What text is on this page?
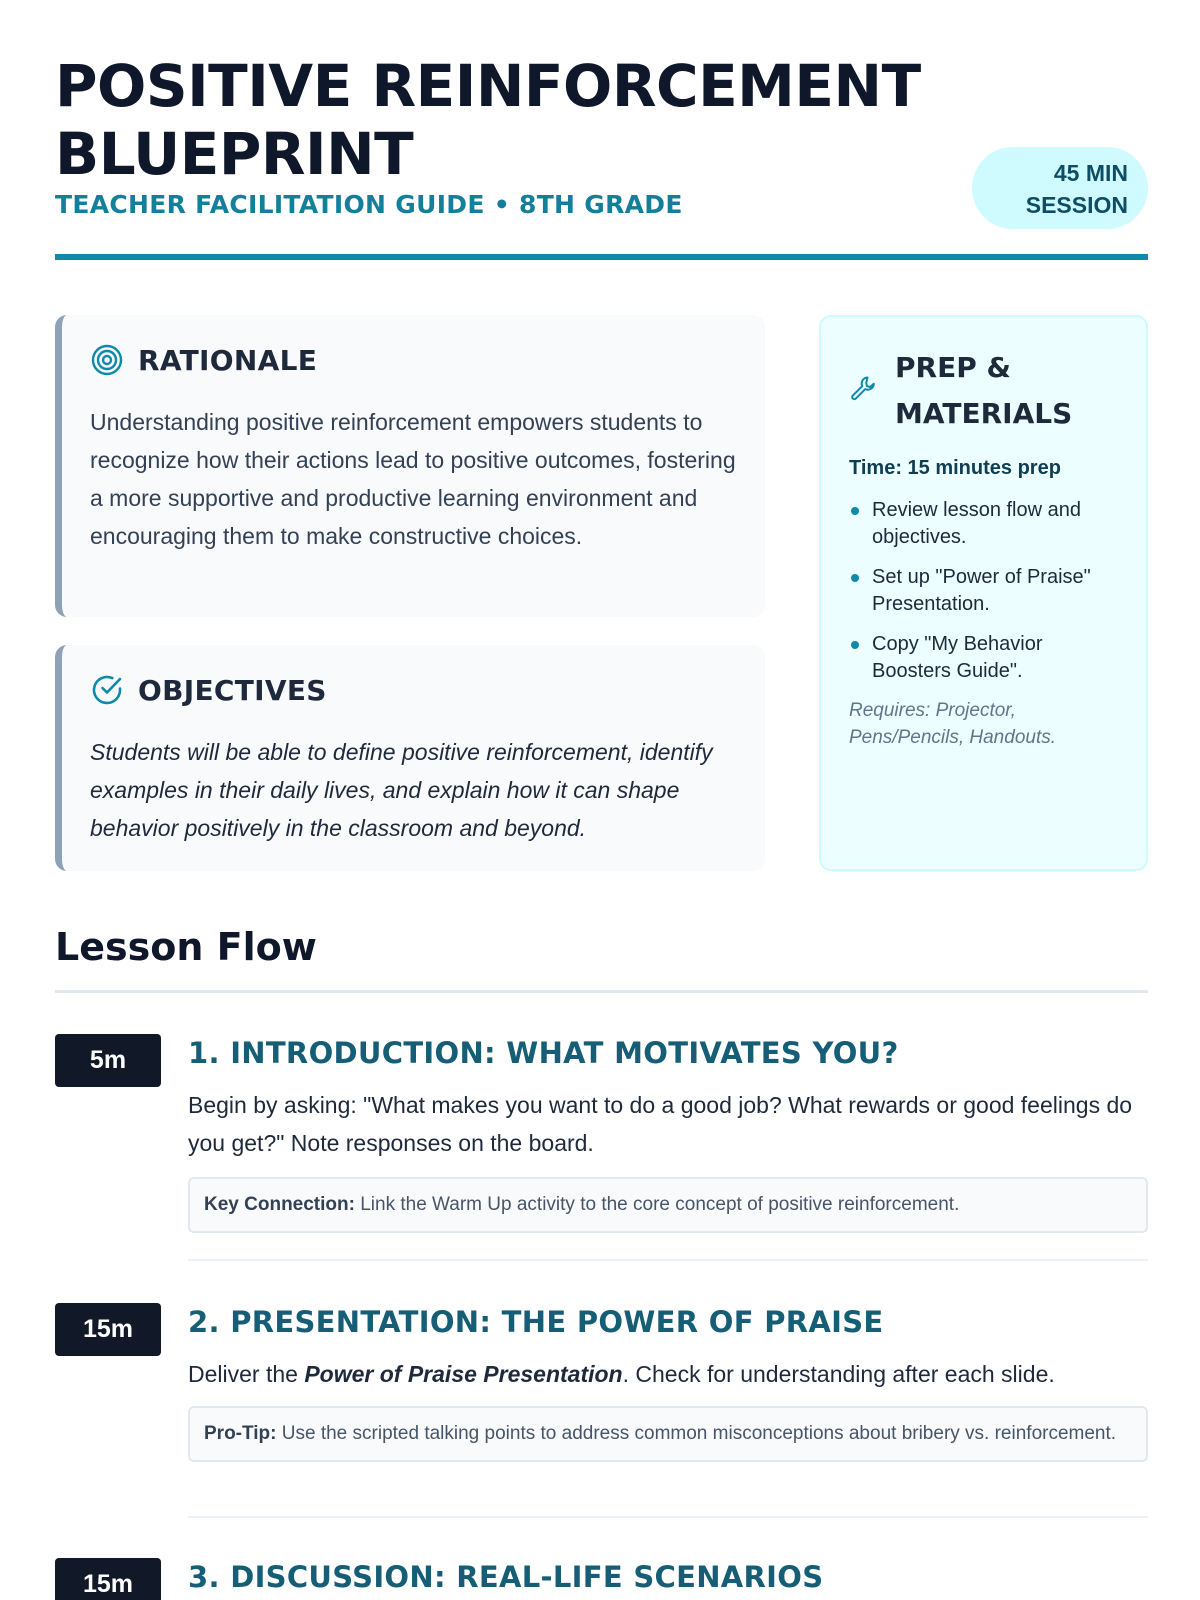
POSITIVE REINFORCEMENT BLUEPRINT
TEACHER FACILITATION GUIDE • 8TH GRADE
45 MIN
SESSION
RATIONALE

Understanding positive reinforcement empowers students to recognize how their actions lead to positive outcomes, fostering a more supportive and productive learning environment and encouraging them to make constructive choices.

OBJECTIVES

Students will be able to define positive reinforcement, identify examples in their daily lives, and explain how it can shape behavior positively in the classroom and beyond.

PREP & MATERIALS
Time: 15 minutes prep
Review lesson flow and objectives.
Set up "Power of Praise" Presentation.
Copy "My Behavior Boosters Guide".
Requires: Projector, Pens/Pencils, Handouts.
Lesson Flow
5m	1. INTRODUCTION: WHAT MOTIVATES YOU?

Begin by asking: "What makes you want to do a good job? What rewards or good feelings do you get?" Note responses on the board.

Key Connection: Link the Warm Up activity to the core concept of positive reinforcement.
15m	2. PRESENTATION: THE POWER OF PRAISE

Deliver the Power of Praise Presentation. Check for understanding after each slide.

Pro-Tip: Use the scripted talking points to address common misconceptions about bribery vs. reinforcement.
15m	3. DISCUSSION: REAL-LIFE SCENARIOS
